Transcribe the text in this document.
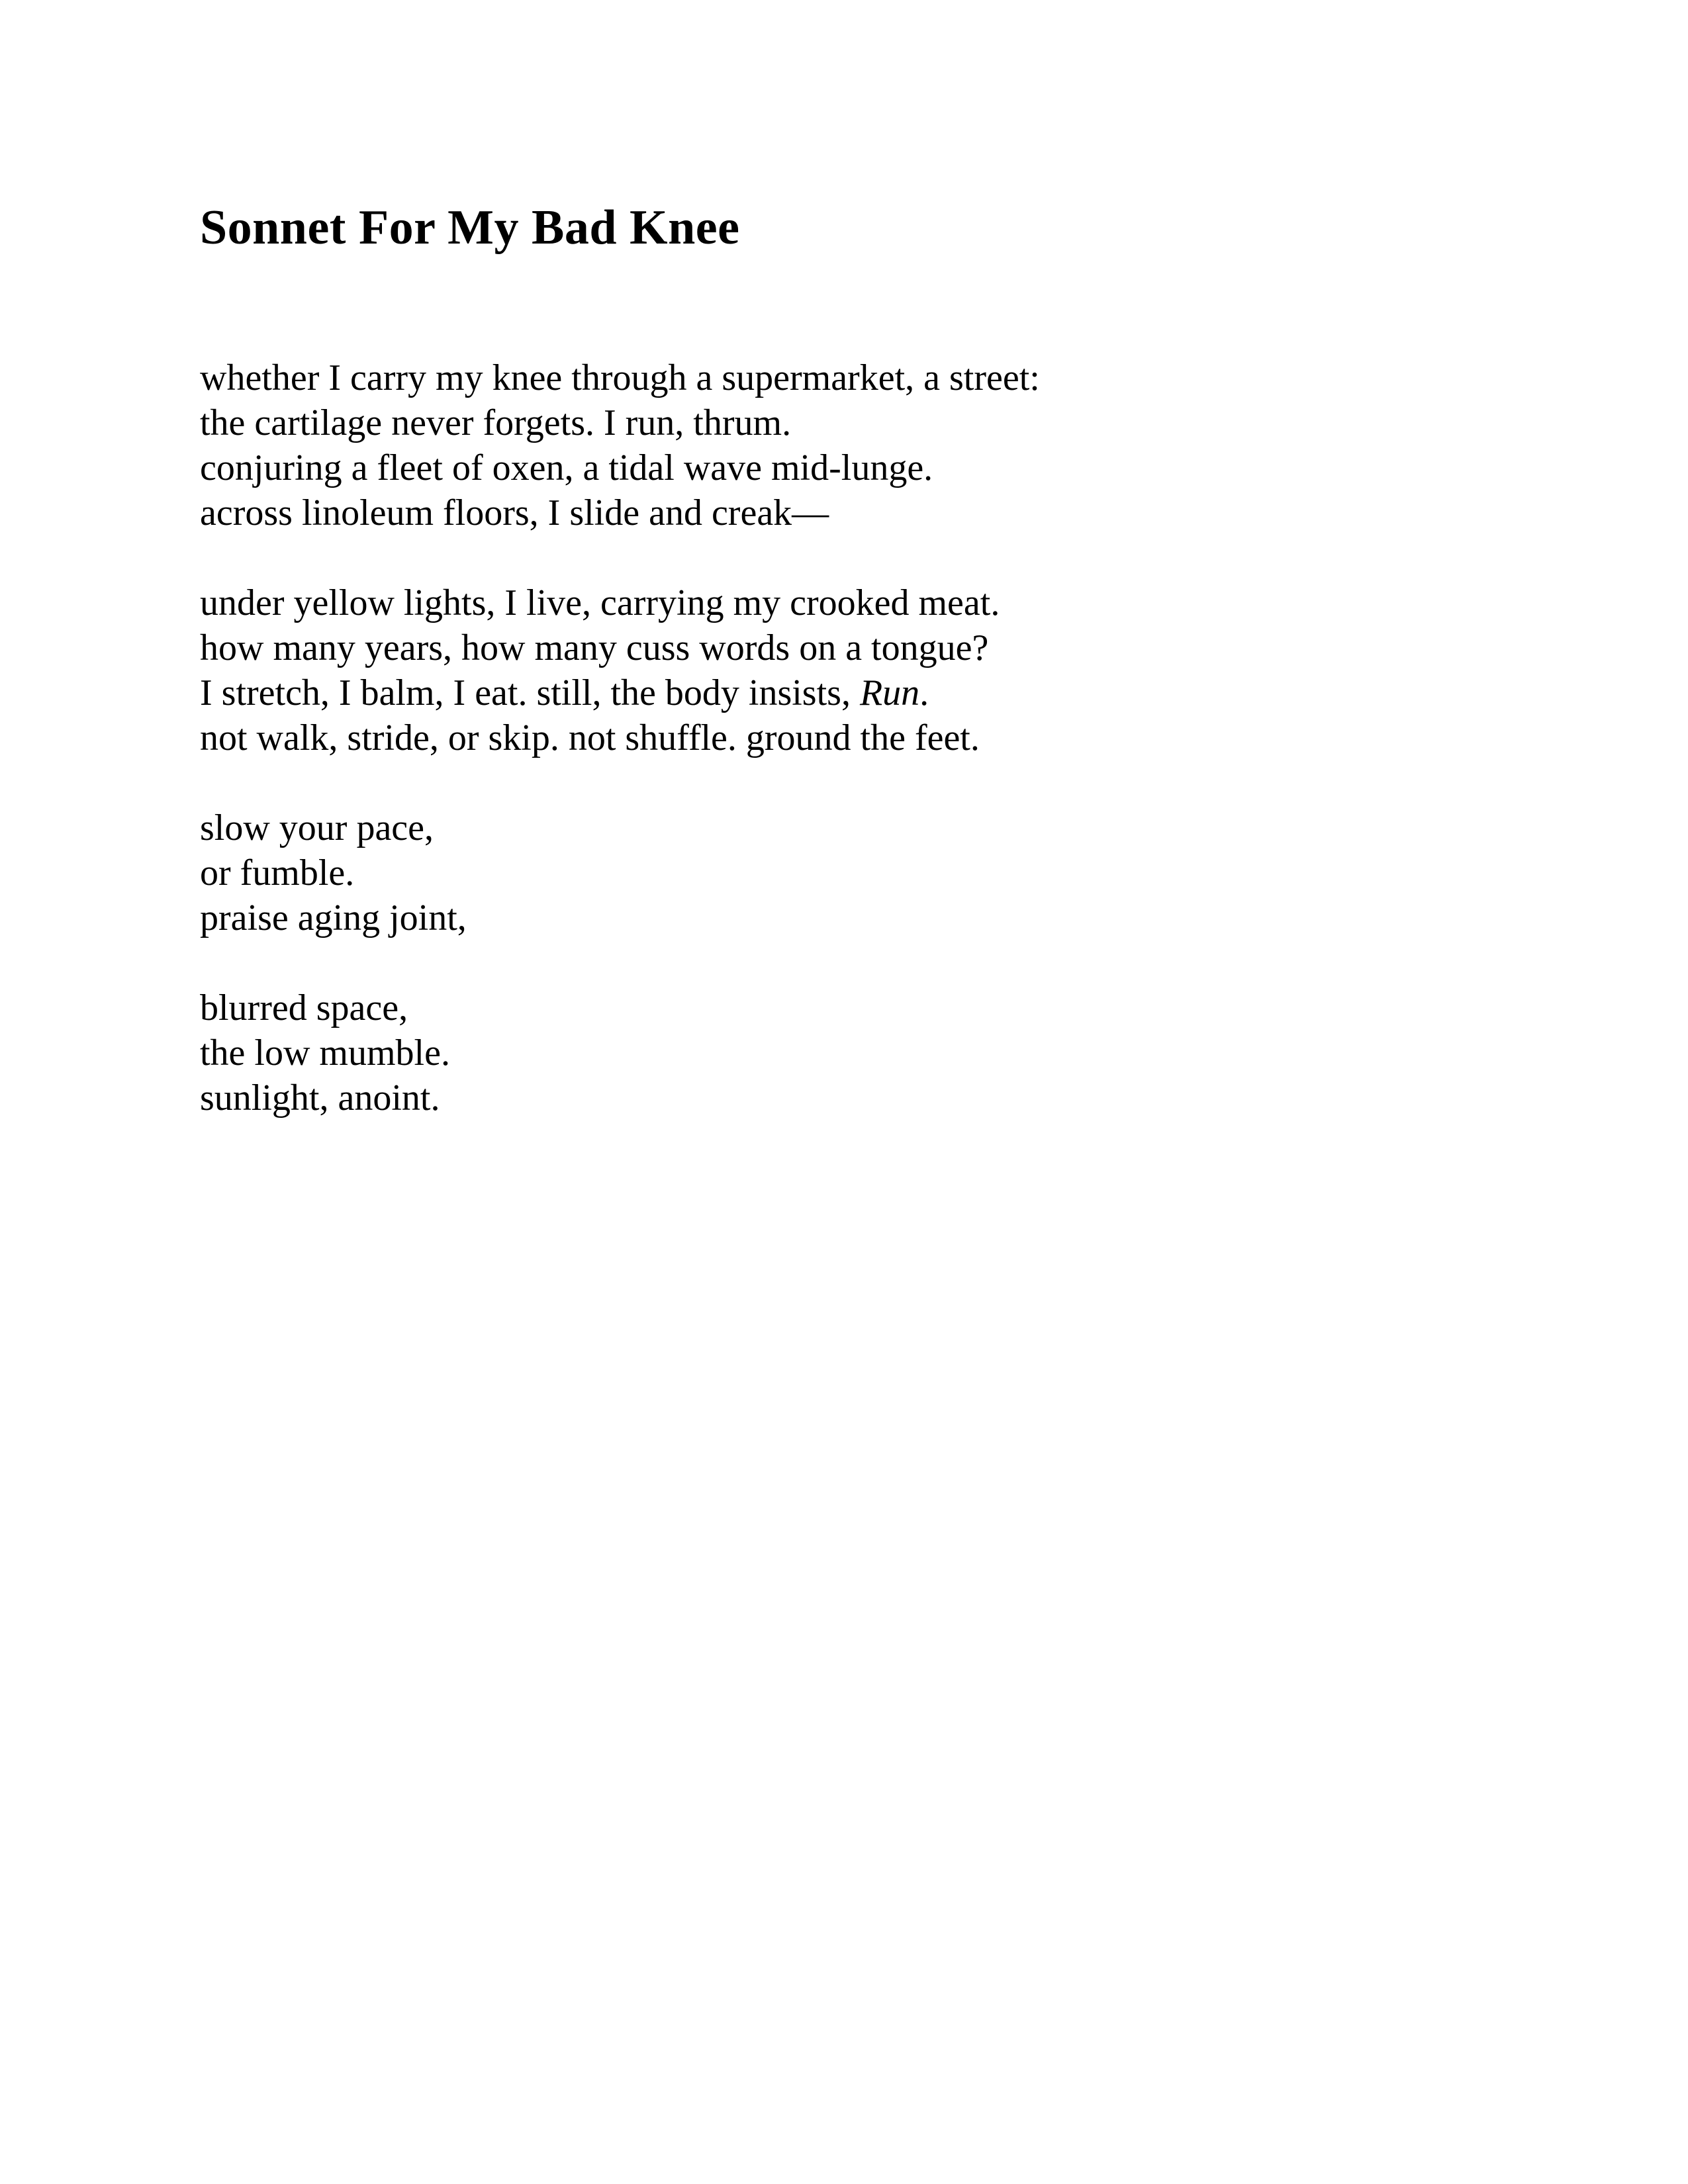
Sonnet For My Bad Knee
whether I carry my knee through a supermarket, a street:
the cartilage never forgets. I run, thrum.
conjuring a fleet of oxen, a tidal wave mid-lunge.
across linoleum floors, I slide and creak—
under yellow lights, I live, carrying my crooked meat.
how many years, how many cuss words on a tongue?
I stretch, I balm, I eat. still, the body insists, Run.
not walk, stride, or skip. not shuffle. ground the feet.
slow your pace,
or fumble.
praise aging joint,
blurred space,
the low mumble.
sunlight, anoint.
